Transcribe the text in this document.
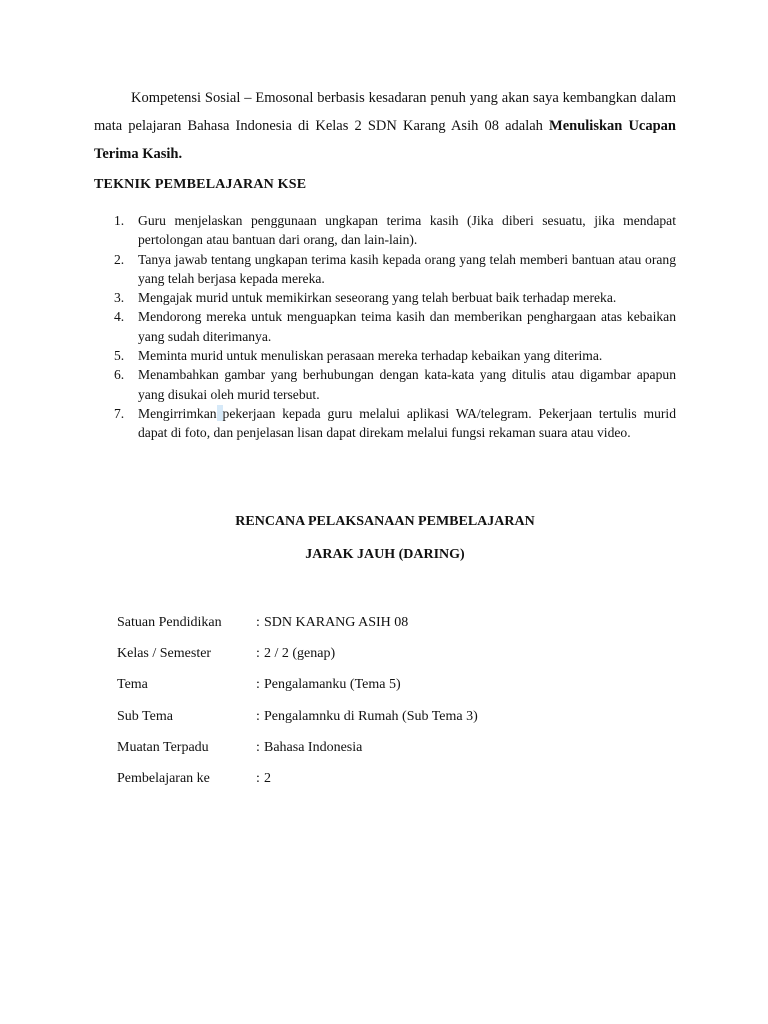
Kompetensi Sosial – Emosonal berbasis kesadaran penuh yang akan saya kembangkan dalam mata pelajaran Bahasa Indonesia di Kelas 2 SDN Karang Asih 08 adalah Menuliskan Ucapan Terima Kasih.

TEKNIK PEMBELAJARAN KSE
1. Guru menjelaskan penggunaan ungkapan terima kasih (Jika diberi sesuatu, jika mendapat pertolongan atau bantuan dari orang, dan lain-lain).
2. Tanya jawab tentang ungkapan terima kasih kepada orang yang telah memberi bantuan atau orang yang telah berjasa kepada mereka.
3. Mengajak murid untuk memikirkan seseorang yang telah berbuat baik terhadap mereka.
4. Mendorong mereka untuk menguapkan teima kasih dan memberikan penghargaan atas kebaikan yang sudah diterimanya.
5. Meminta murid untuk menuliskan perasaan mereka terhadap kebaikan yang diterima.
6. Menambahkan gambar yang berhubungan dengan kata-kata yang ditulis atau digambar apapun yang disukai oleh murid tersebut.
7. Mengirrimkan pekerjaan kepada guru melalui aplikasi WA/telegram. Pekerjaan tertulis murid dapat di foto, dan penjelasan lisan dapat direkam melalui fungsi rekaman suara atau video.
RENCANA PELAKSANAAN PEMBELAJARAN
JARAK JAUH (DARING)
Satuan Pendidikan	: SDN KARANG ASIH 08
Kelas / Semester	: 2 / 2 (genap)
Tema	: Pengalamanku (Tema 5)
Sub Tema	: Pengalamnku di Rumah (Sub Tema 3)
Muatan Terpadu	: Bahasa Indonesia
Pembelajaran ke	: 2
